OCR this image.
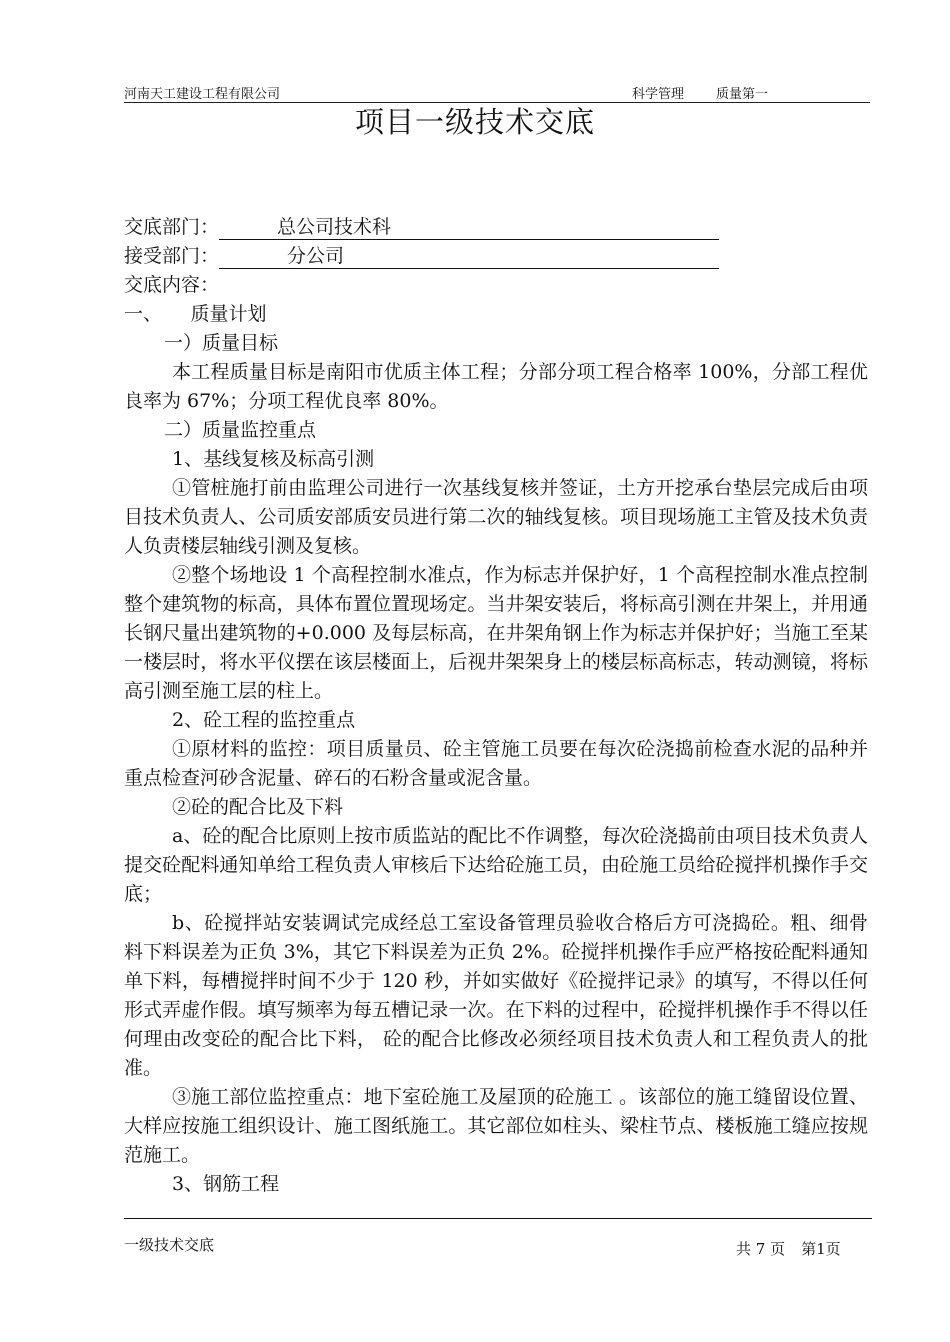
河南天工建设工程有限公司	科学管理 质量第一
项目一级技术交底
交底部门：	总公司技术科
接受部门：	分公司
交底内容：
一、　　质量计划
一）质量目标
本工程质量目标是南阳市优质主体工程；分部分项工程合格率 100%，分部工程优良率为 67%；分项工程优良率 80%。
二）质量监控重点
1、基线复核及标高引测
①管桩施打前由监理公司进行一次基线复核并签证，土方开挖承台垫层完成后由项目技术负责人、公司质安部质安员进行第二次的轴线复核。项目现场施工主管及技术负责人负责楼层轴线引测及复核。
②整个场地设 1 个高程控制水准点，作为标志并保护好，1 个高程控制水准点控制整个建筑物的标高，具体布置位置现场定。当井架安装后，将标高引测在井架上，并用通长钢尺量出建筑物的+0.000 及每层标高，在井架角钢上作为标志并保护好；当施工至某一楼层时，将水平仪摆在该层楼面上，后视井架架身上的楼层标高标志，转动测镜，将标高引测至施工层的柱上。
2、砼工程的监控重点
①原材料的监控：项目质量员、砼主管施工员要在每次砼浇捣前检查水泥的品种并重点检查河砂含泥量、碎石的石粉含量或泥含量。
②砼的配合比及下料
a、砼的配合比原则上按市质监站的配比不作调整，每次砼浇捣前由项目技术负责人提交砼配料通知单给工程负责人审核后下达给砼施工员，由砼施工员给砼搅拌机操作手交底；
b、砼搅拌站安装调试完成经总工室设备管理员验收合格后方可浇捣砼。粗、细骨料下料误差为正负 3%，其它下料误差为正负 2%。砼搅拌机操作手应严格按砼配料通知单下料，每槽搅拌时间不少于 120 秒，并如实做好《砼搅拌记录》的填写，不得以任何形式弄虚作假。填写频率为每五槽记录一次。在下料的过程中，砼搅拌机操作手不得以任何理由改变砼的配合比下料， 砼的配合比修改必须经项目技术负责人和工程负责人的批准。
③施工部位监控重点：地下室砼施工及屋顶的砼施工 。该部位的施工缝留设位置、大样应按施工组织设计、施工图纸施工。其它部位如柱头、梁柱节点、楼板施工缝应按规范施工。
3、钢筋工程
一级技术交底	共 7 页 第1页
